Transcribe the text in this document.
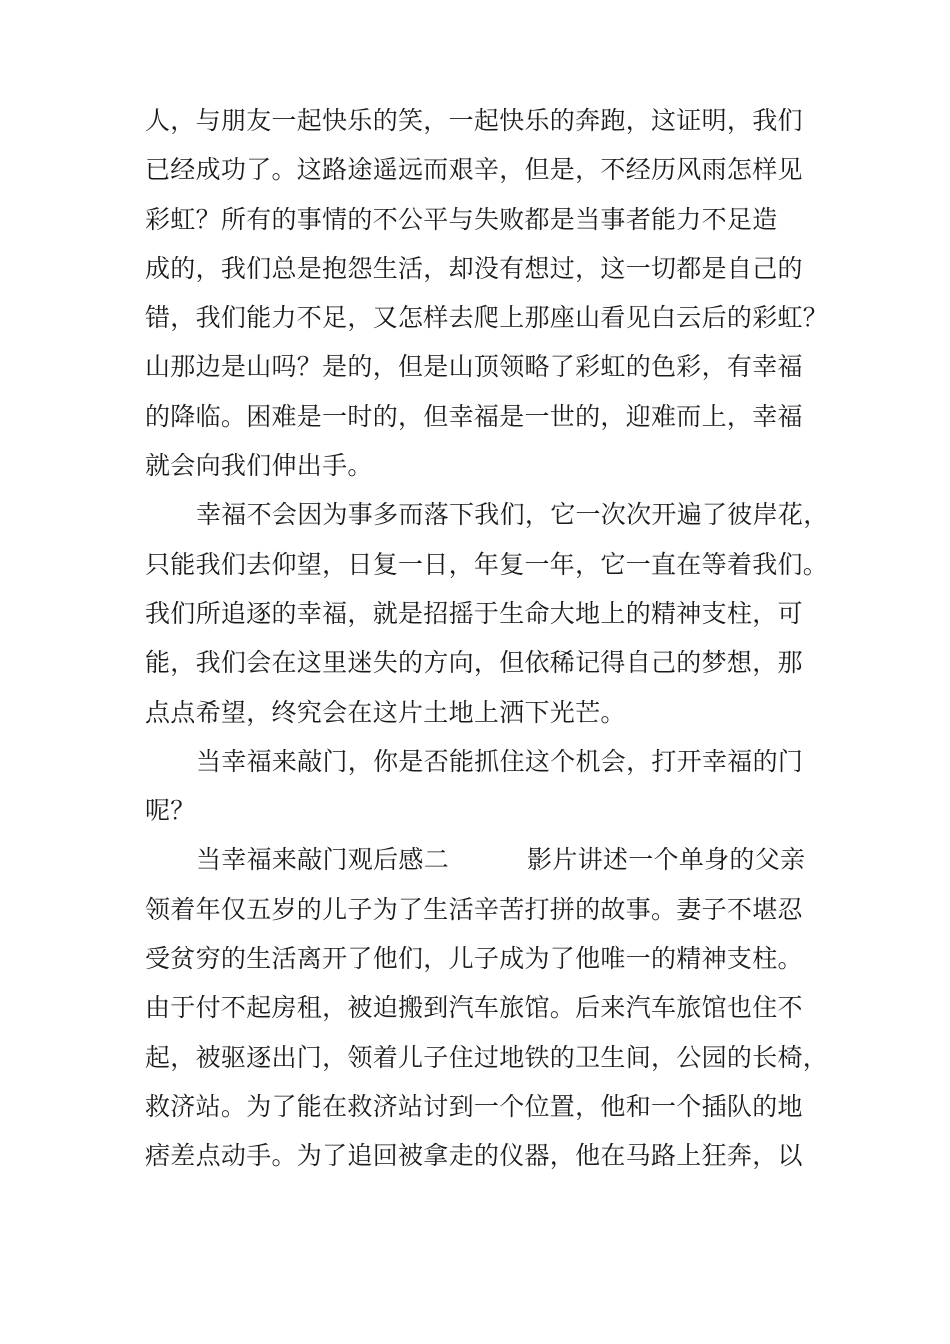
人，与朋友一起快乐的笑，一起快乐的奔跑，这证明，我们
已经成功了。这路途遥远而艰辛，但是，不经历风雨怎样见
彩虹？所有的事情的不公平与失败都是当事者能力不足造
成的，我们总是抱怨生活，却没有想过，这一切都是自己的
错，我们能力不足，又怎样去爬上那座山看见白云后的彩虹？
山那边是山吗？是的，但是山顶领略了彩虹的色彩，有幸福
的降临。困难是一时的，但幸福是一世的，迎难而上，幸福
就会向我们伸出手。
幸福不会因为事多而落下我们，它一次次开遍了彼岸花，
只能我们去仰望，日复一日，年复一年，它一直在等着我们。
我们所追逐的幸福，就是招摇于生命大地上的精神支柱，可
能，我们会在这里迷失的方向，但依稀记得自己的梦想，那
点点希望，终究会在这片土地上洒下光芒。
当幸福来敲门，你是否能抓住这个机会，打开幸福的门
呢？
当幸福来敲门观后感二	影片讲述一个单身的父亲
领着年仅五岁的儿子为了生活辛苦打拼的故事。妻子不堪忍
受贫穷的生活离开了他们，儿子成为了他唯一的精神支柱。
由于付不起房租，被迫搬到汽车旅馆。后来汽车旅馆也住不
起，被驱逐出门，领着儿子住过地铁的卫生间，公园的长椅，
救济站。为了能在救济站讨到一个位置，他和一个插队的地
痞差点动手。为了追回被拿走的仪器，他在马路上狂奔，以
